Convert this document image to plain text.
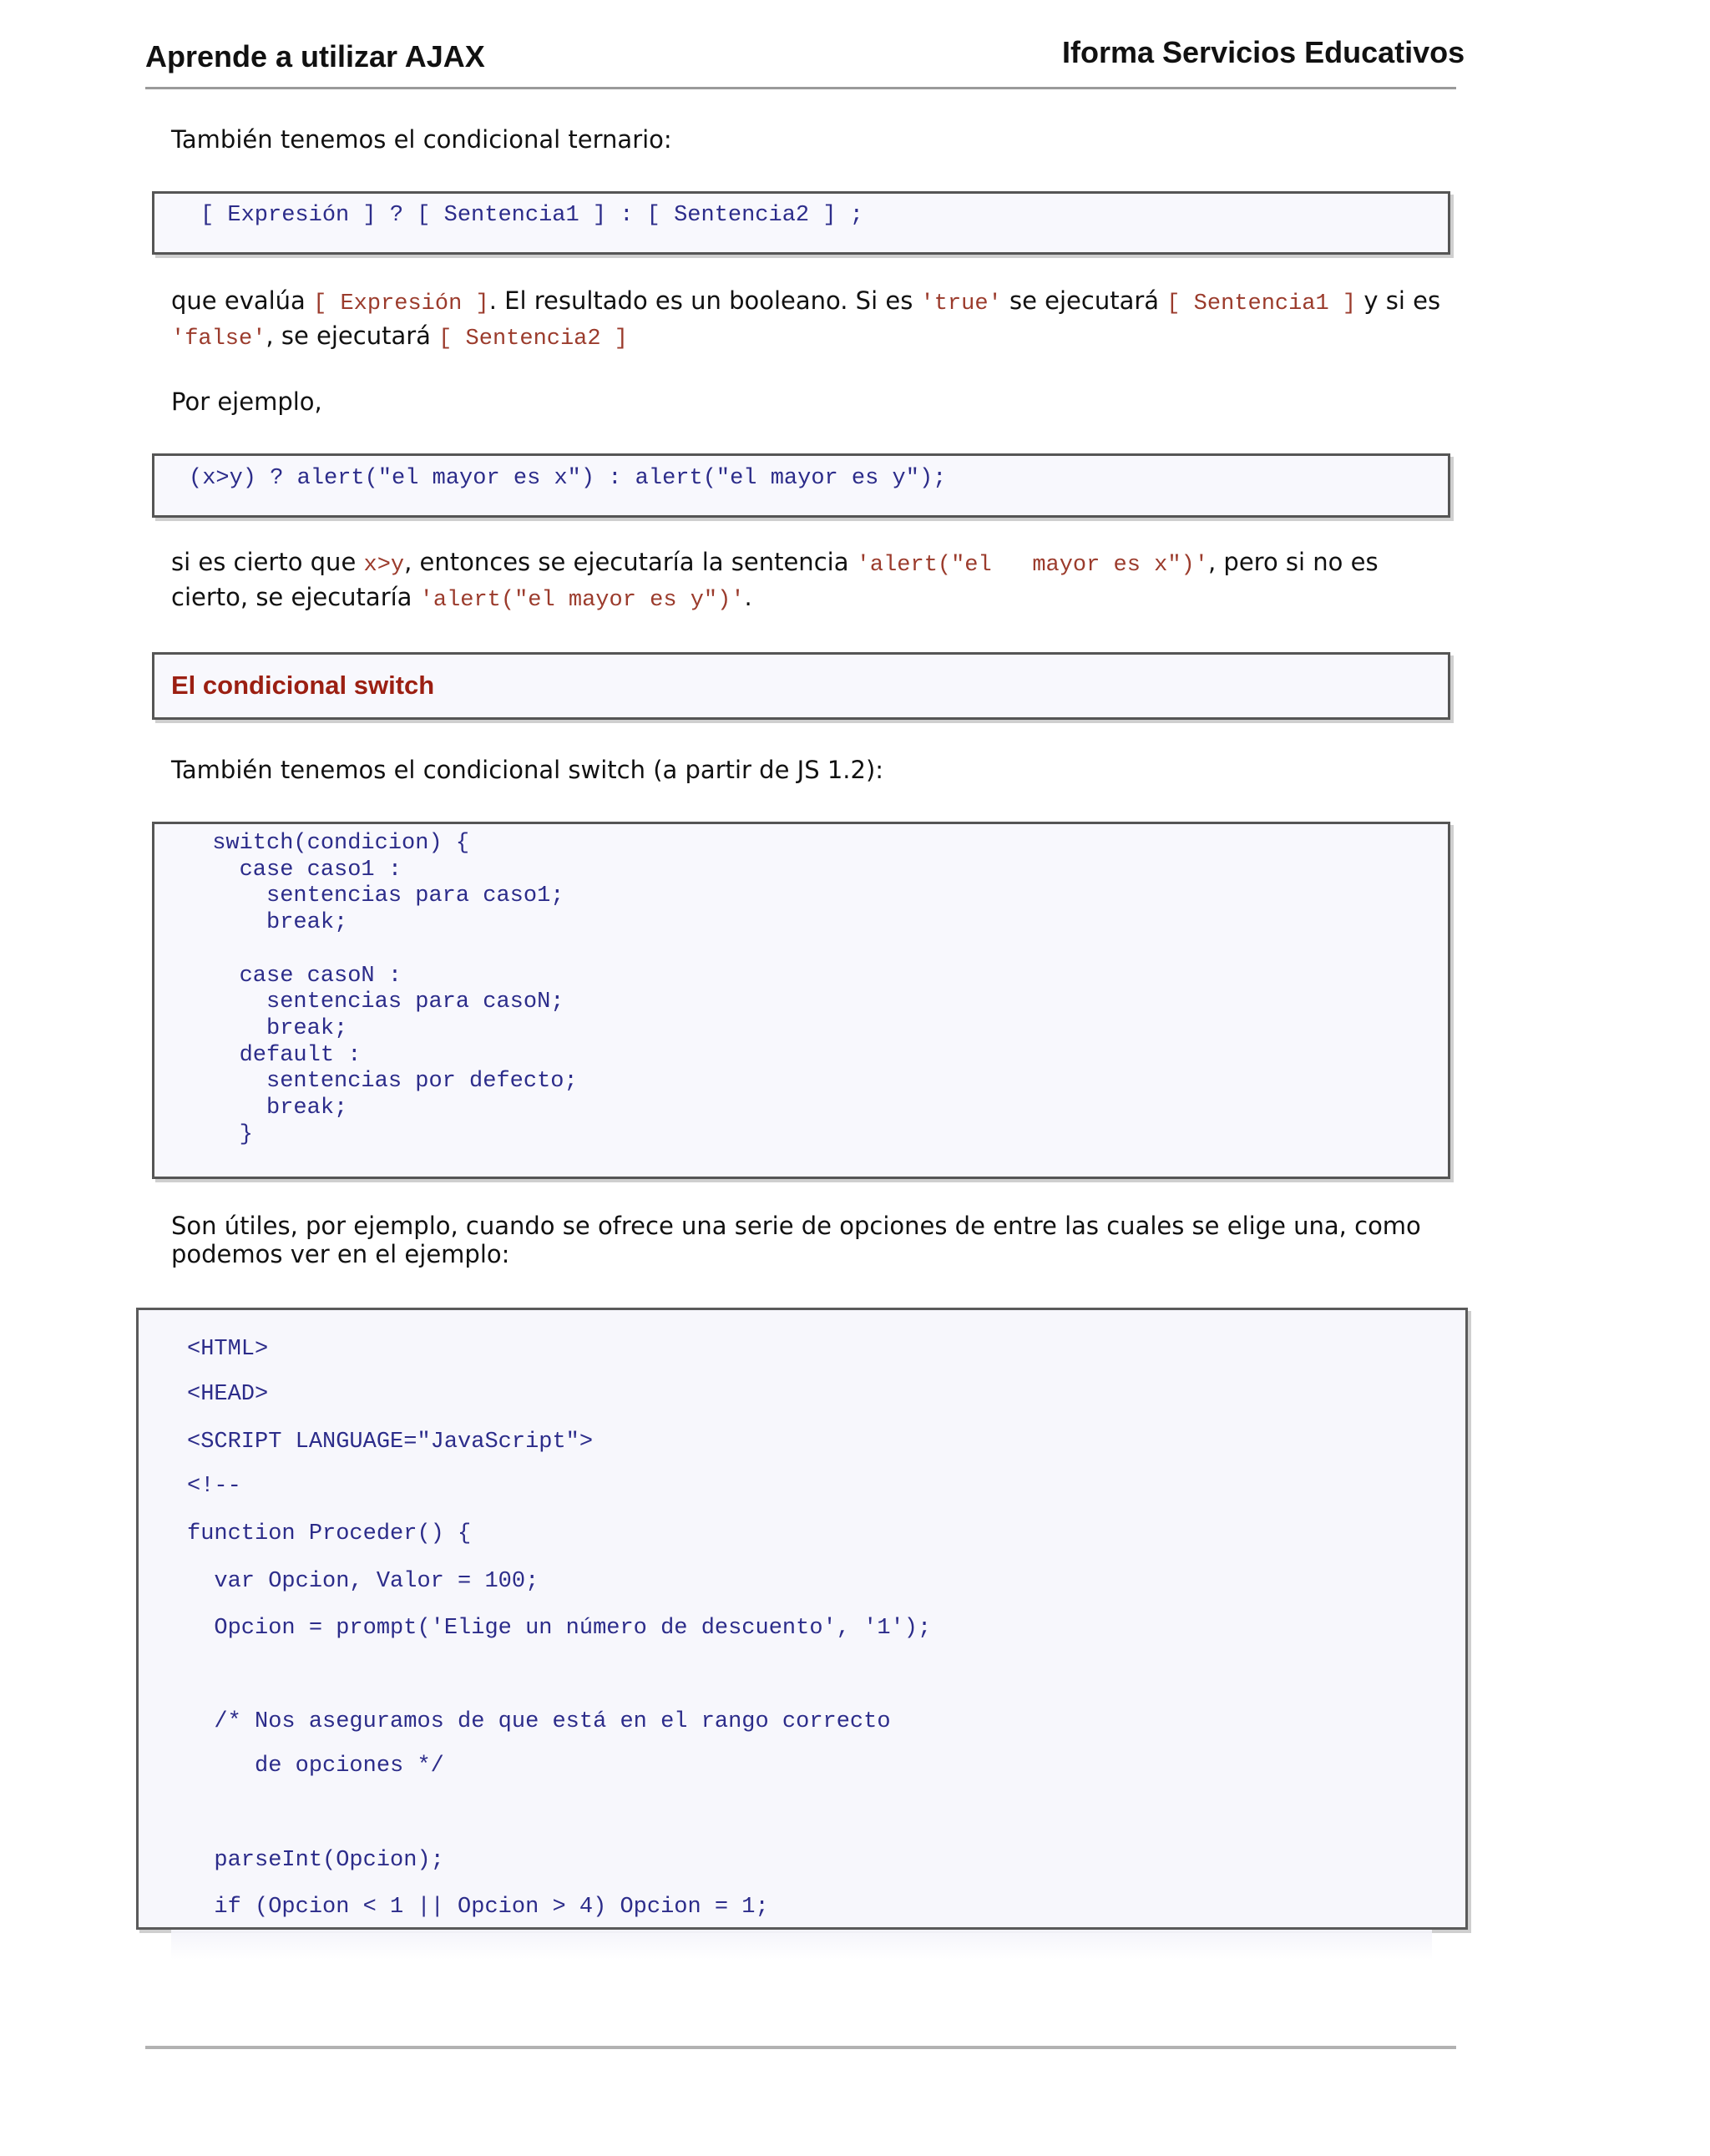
Aprende a utilizar AJAX	Iforma Servicios Educativos
También tenemos el condicional ternario:
[ Expresión ] ? [ Sentencia1 ] : [ Sentencia2 ] ;
que evalúa [ Expresión ]. El resultado es un booleano. Si es 'true' se ejecutará [ Sentencia1 ] y si es 'false', se ejecutará [ Sentencia2 ]
Por ejemplo,
(x>y) ? alert("el mayor es x") : alert("el mayor es y");
si es cierto que x>y, entonces se ejecutaría la sentencia 'alert("el   mayor es x")', pero si no es cierto, se ejecutaría 'alert("el mayor es y")'.
El condicional switch
También tenemos el condicional switch (a partir de JS 1.2):
switch(condicion) {
case caso1 :
sentencias para caso1;
break;

case casoN :
sentencias para casoN;
break;
default :
sentencias por defecto;
break;
}
Son útiles, por ejemplo, cuando se ofrece una serie de opciones de entre las cuales se elige una, como podemos ver en el ejemplo:
<HTML>
<HEAD>
<SCRIPT LANGUAGE="JavaScript">
<!--
function Proceder() {
var Opcion, Valor = 100;
Opcion = prompt('Elige un número de descuento', '1');
/* Nos aseguramos de que está en el rango correcto
de opciones */
parseInt(Opcion);
if (Opcion < 1 || Opcion > 4) Opcion = 1;
